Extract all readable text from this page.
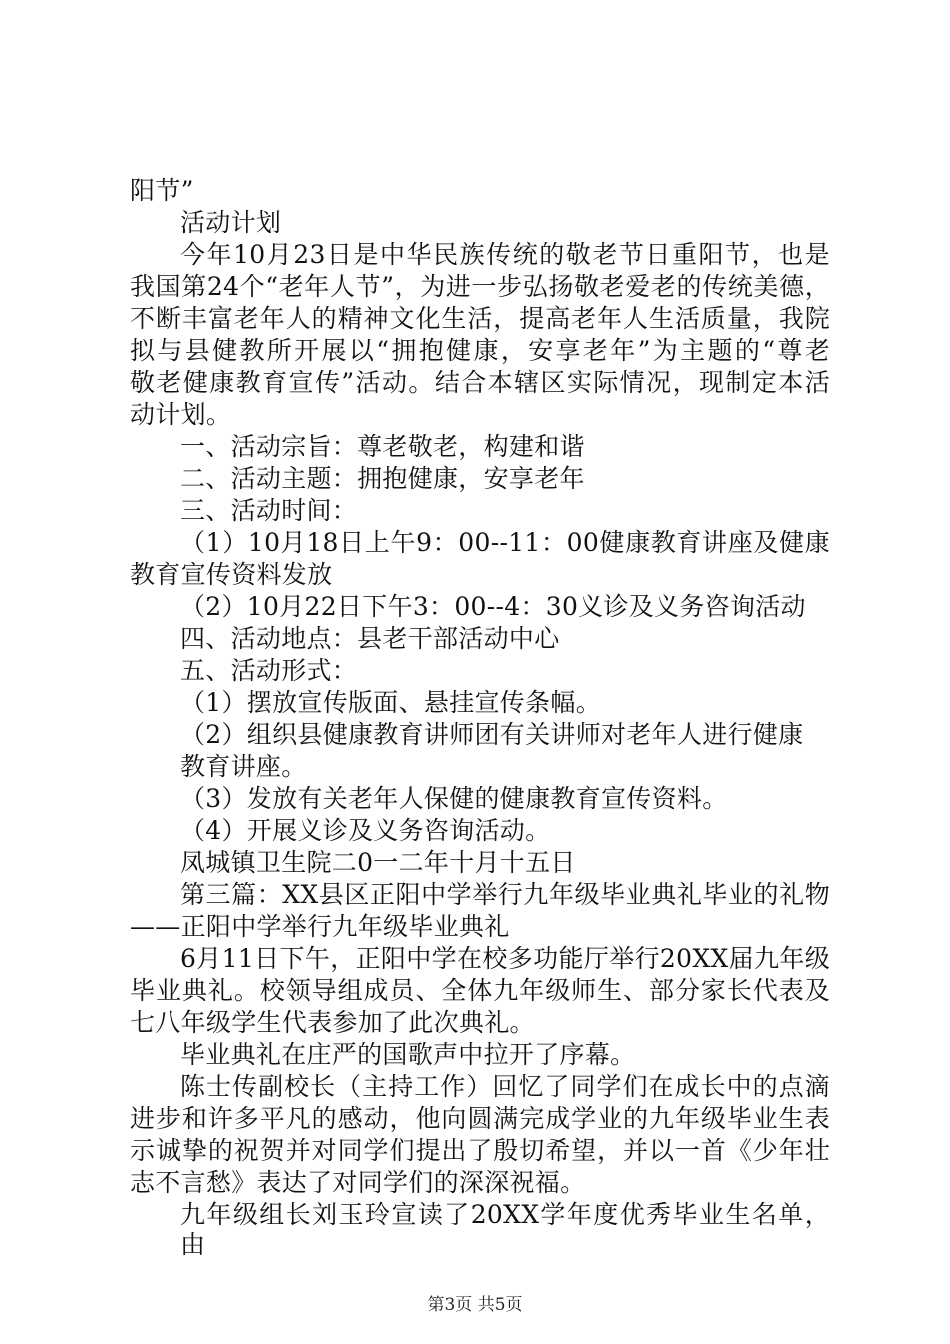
阳节”
活动计划
今年10月23日是中华民族传统的敬老节日重阳节，也是
我国第24个“老年人节”，为进一步弘扬敬老爱老的传统美德，
不断丰富老年人的精神文化生活，提高老年人生活质量，我院
拟与县健教所开展以“拥抱健康，安享老年”为主题的“尊老
敬老健康教育宣传”活动。结合本辖区实际情况，现制定本活
动计划。
一、活动宗旨：尊老敬老，构建和谐
二、活动主题：拥抱健康，安享老年
三、活动时间：
（1）10月18日上午9：00--11：00健康教育讲座及健康
教育宣传资料发放
（2）10月22日下午3：00--4：30义诊及义务咨询活动
四、活动地点：县老干部活动中心
五、活动形式：
（1）摆放宣传版面、悬挂宣传条幅。
（2）组织县健康教育讲师团有关讲师对老年人进行健康
教育讲座。
（3）发放有关老年人保健的健康教育宣传资料。
（4）开展义诊及义务咨询活动。
凤城镇卫生院二0一二年十月十五日
第三篇：XX县区正阳中学举行九年级毕业典礼毕业的礼物
——正阳中学举行九年级毕业典礼
6月11日下午，正阳中学在校多功能厅举行20XX届九年级
毕业典礼。校领导组成员、全体九年级师生、部分家长代表及
七八年级学生代表参加了此次典礼。
毕业典礼在庄严的国歌声中拉开了序幕。
陈士传副校长（主持工作）回忆了同学们在成长中的点滴
进步和许多平凡的感动，他向圆满完成学业的九年级毕业生表
示诚挚的祝贺并对同学们提出了殷切希望，并以一首《少年壮
志不言愁》表达了对同学们的深深祝福。
九年级组长刘玉玲宣读了20XX学年度优秀毕业生名单，由
第3页 共5页
